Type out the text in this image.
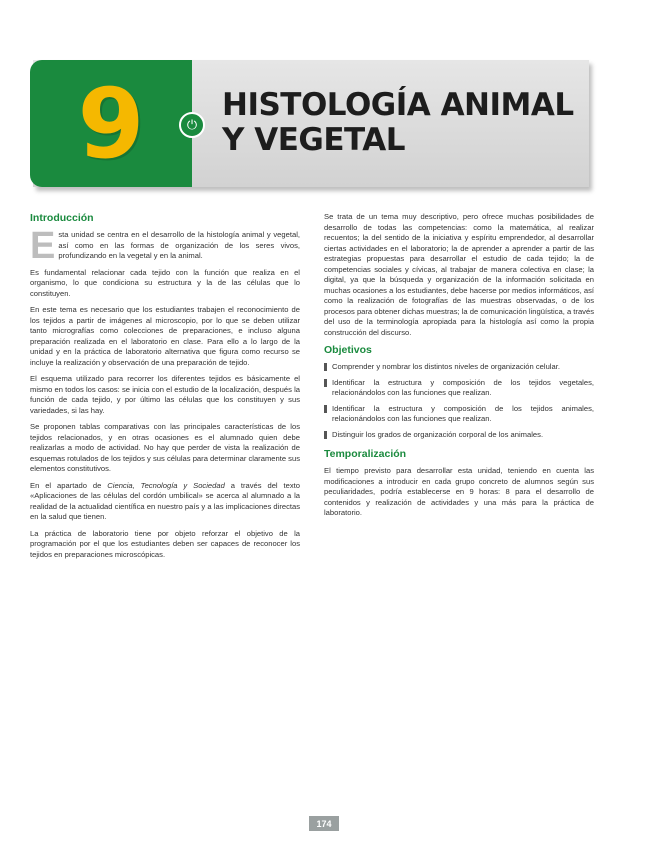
9	⏻
HISTOLOGÍA ANIMAL
Y VEGETAL
Introducción

Esta unidad se centra en el desarrollo de la histología animal y vegetal, así como en las formas de organización de los seres vivos, profundizando en la vegetal y en la animal.

Es fundamental relacionar cada tejido con la función que realiza en el organismo, lo que condiciona su estructura y la de las células que lo constituyen.

En este tema es necesario que los estudiantes trabajen el reconocimiento de los tejidos a partir de imágenes al microscopio, por lo que se deben utilizar tanto micrografías como colecciones de preparaciones, e incluso alguna preparación realizada en el laboratorio en clase. Para ello a lo largo de la unidad y en la práctica de laboratorio alternativa que figura como recurso se incluye la realización y observación de una preparación de tejido.

El esquema utilizado para recorrer los diferentes tejidos es básicamente el mismo en todos los casos: se inicia con el estudio de la localización, después la función de cada tejido, y por último las células que los constituyen y sus variedades, si las hay.

Se proponen tablas comparativas con las principales características de los tejidos relacionados, y en otras ocasiones es el alumnado quien debe realizarlas a modo de actividad. No hay que perder de vista la realización de esquemas rotulados de los tejidos y sus células para determinar claramente sus elementos constitutivos.

En el apartado de Ciencia, Tecnología y Sociedad a través del texto «Aplicaciones de las células del cordón umbilical» se acerca al alumnado a la realidad de la actualidad científica en nuestro país y a las implicaciones directas en la salud que tienen.

La práctica de laboratorio tiene por objeto reforzar el objetivo de la programación por el que los estudiantes deben ser capaces de reconocer los tejidos en preparaciones microscópicas.

Se trata de un tema muy descriptivo, pero ofrece muchas posibilidades de desarrollo de todas las competencias: como la matemática, al realizar recuentos; la del sentido de la iniciativa y espíritu emprendedor, al desarrollar ciertas actividades en el laboratorio; la de aprender a aprender a partir de las estrategias propuestas para desarrollar el estudio de cada tejido; la de competencias sociales y cívicas, al trabajar de manera colectiva en clase; la digital, ya que la búsqueda y organización de la información solicitada en muchas ocasiones a los estudiantes, debe hacerse por medios informáticos, así como la realización de fotografías de las muestras observadas, o de los procesos para obtener dichas muestras; la de comunicación lingüística, a través del uso de la terminología apropiada para la histología así como la propia construcción del discurso.

Objetivos
Comprender y nombrar los distintos niveles de organización celular.
Identificar la estructura y composición de los tejidos vegetales, relacionándolos con las funciones que realizan.
Identificar la estructura y composición de los tejidos animales, relacionándolos con las funciones que realizan.
Distinguir los grados de organización corporal de los animales.
Temporalización

El tiempo previsto para desarrollar esta unidad, teniendo en cuenta las modificaciones a introducir en cada grupo concreto de alumnos según sus peculiaridades, podría establecerse en 9 horas: 8 para el desarrollo de contenidos y realización de actividades y una más para la práctica de laboratorio.

174
